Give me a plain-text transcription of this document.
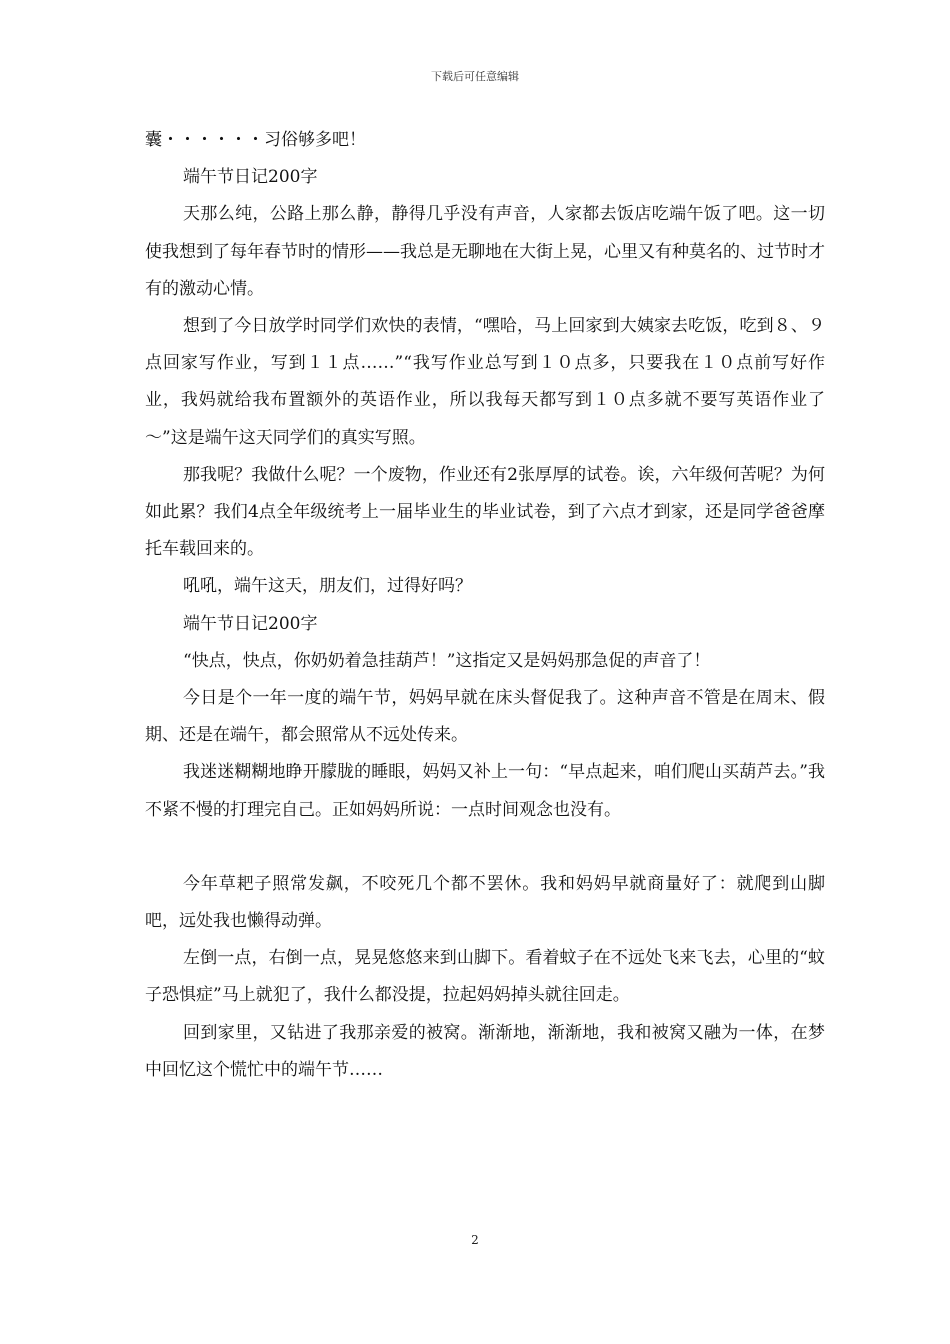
下载后可任意编辑

囊・・・・・・习俗够多吧！

端午节日记200字

天那么纯，公路上那么静，静得几乎没有声音，人家都去饭店吃端午饭了吧。这一切使我想到了每年春节时的情形——我总是无聊地在大街上晃，心里又有种莫名的、过节时才有的激动心情。

想到了今日放学时同学们欢快的表情，“嘿哈，马上回家到大姨家去吃饭，吃到８、９点回家写作业，写到１１点……”“我写作业总写到１０点多，只要我在１０点前写好作业，我妈就给我布置额外的英语作业，所以我每天都写到１０点多就不要写英语作业了～”这是端午这天同学们的真实写照。

那我呢？我做什么呢？一个废物，作业还有2张厚厚的试卷。诶，六年级何苦呢？为何如此累？我们4点全年级统考上一届毕业生的毕业试卷，到了六点才到家，还是同学爸爸摩托车载回来的。

吼吼，端午这天，朋友们，过得好吗？

端午节日记200字

“快点，快点，你奶奶着急挂葫芦！”这指定又是妈妈那急促的声音了！

今日是个一年一度的端午节，妈妈早就在床头督促我了。这种声音不管是在周末、假期、还是在端午，都会照常从不远处传来。

我迷迷糊糊地睁开朦胧的睡眼，妈妈又补上一句：“早点起来，咱们爬山买葫芦去。”我不紧不慢的打理完自己。正如妈妈所说：一点时间观念也没有。

今年草耙子照常发飙，不咬死几个都不罢休。我和妈妈早就商量好了：就爬到山脚吧，远处我也懒得动弹。

左倒一点，右倒一点，晃晃悠悠来到山脚下。看着蚊子在不远处飞来飞去，心里的“蚊子恐惧症”马上就犯了，我什么都没提，拉起妈妈掉头就往回走。

回到家里，又钻进了我那亲爱的被窝。渐渐地，渐渐地，我和被窝又融为一体，在梦中回忆这个慌忙中的端午节……

2
